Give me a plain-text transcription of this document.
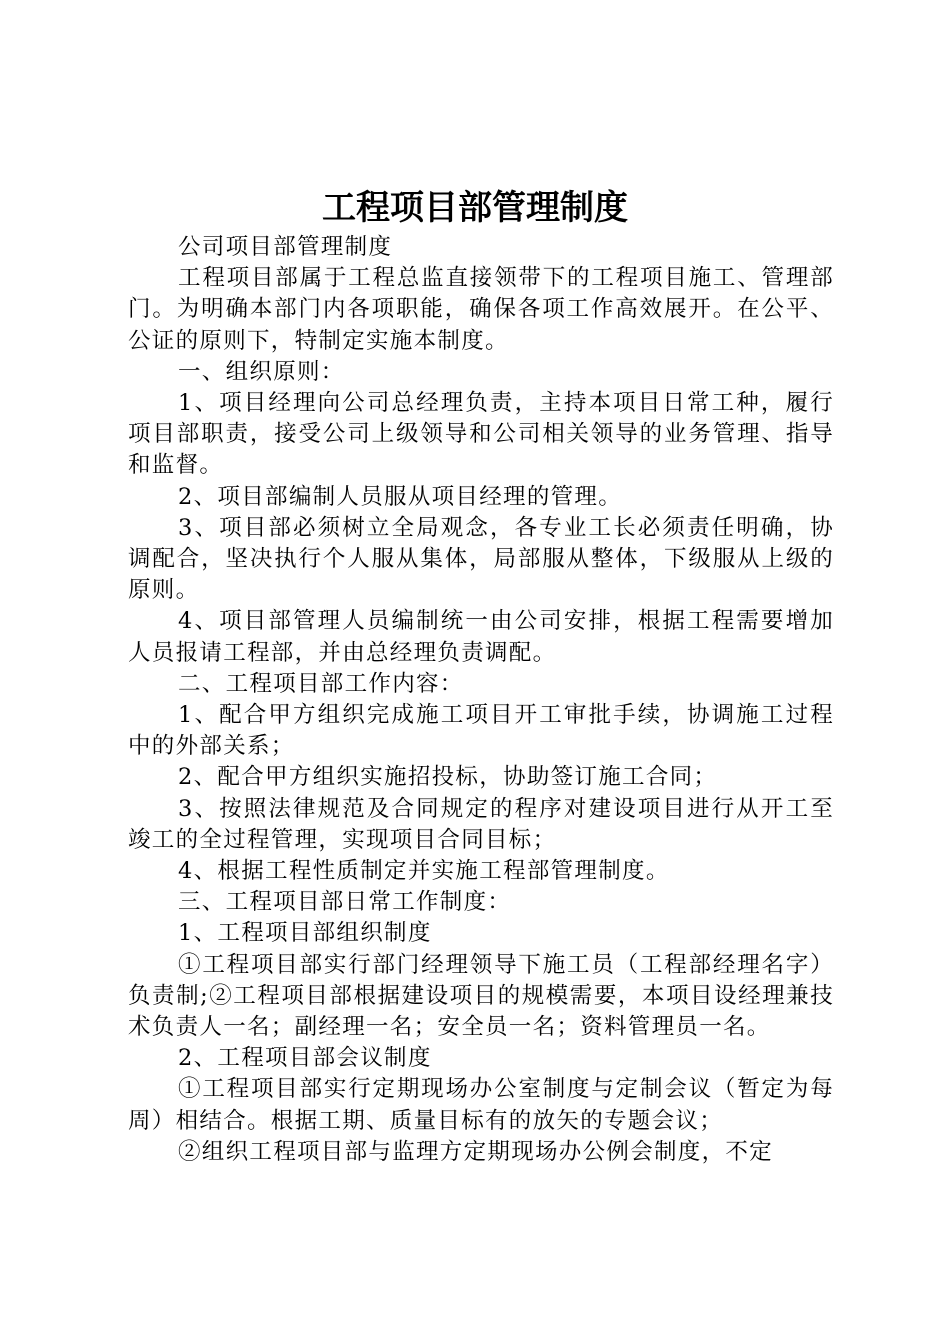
工程项目部管理制度

公司项目部管理制度

工程项目部属于工程总监直接领带下的工程项目施工、管理部门。为明确本部门内各项职能，确保各项工作高效展开。在公平、公证的原则下，特制定实施本制度。

一、组织原则：

1、项目经理向公司总经理负责，主持本项目日常工种，履行项目部职责，接受公司上级领导和公司相关领导的业务管理、指导和监督。

2、项目部编制人员服从项目经理的管理。

3、项目部必须树立全局观念，各专业工长必须责任明确，协调配合，坚决执行个人服从集体，局部服从整体，下级服从上级的原则。

4、项目部管理人员编制统一由公司安排，根据工程需要增加人员报请工程部，并由总经理负责调配。

二、工程项目部工作内容：

1、配合甲方组织完成施工项目开工审批手续，协调施工过程中的外部关系；

2、配合甲方组织实施招投标，协助签订施工合同；

3、按照法律规范及合同规定的程序对建设项目进行从开工至竣工的全过程管理，实现项目合同目标；

4、根据工程性质制定并实施工程部管理制度。

三、工程项目部日常工作制度：

1、工程项目部组织制度

①工程项目部实行部门经理领导下施工员（工程部经理名字）负责制;②工程项目部根据建设项目的规模需要，本项目设经理兼技术负责人一名；副经理一名；安全员一名；资料管理员一名。

2、工程项目部会议制度

①工程项目部实行定期现场办公室制度与定制会议（暂定为每周）相结合。根据工期、质量目标有的放矢的专题会议；

②组织工程项目部与监理方定期现场办公例会制度，不定
